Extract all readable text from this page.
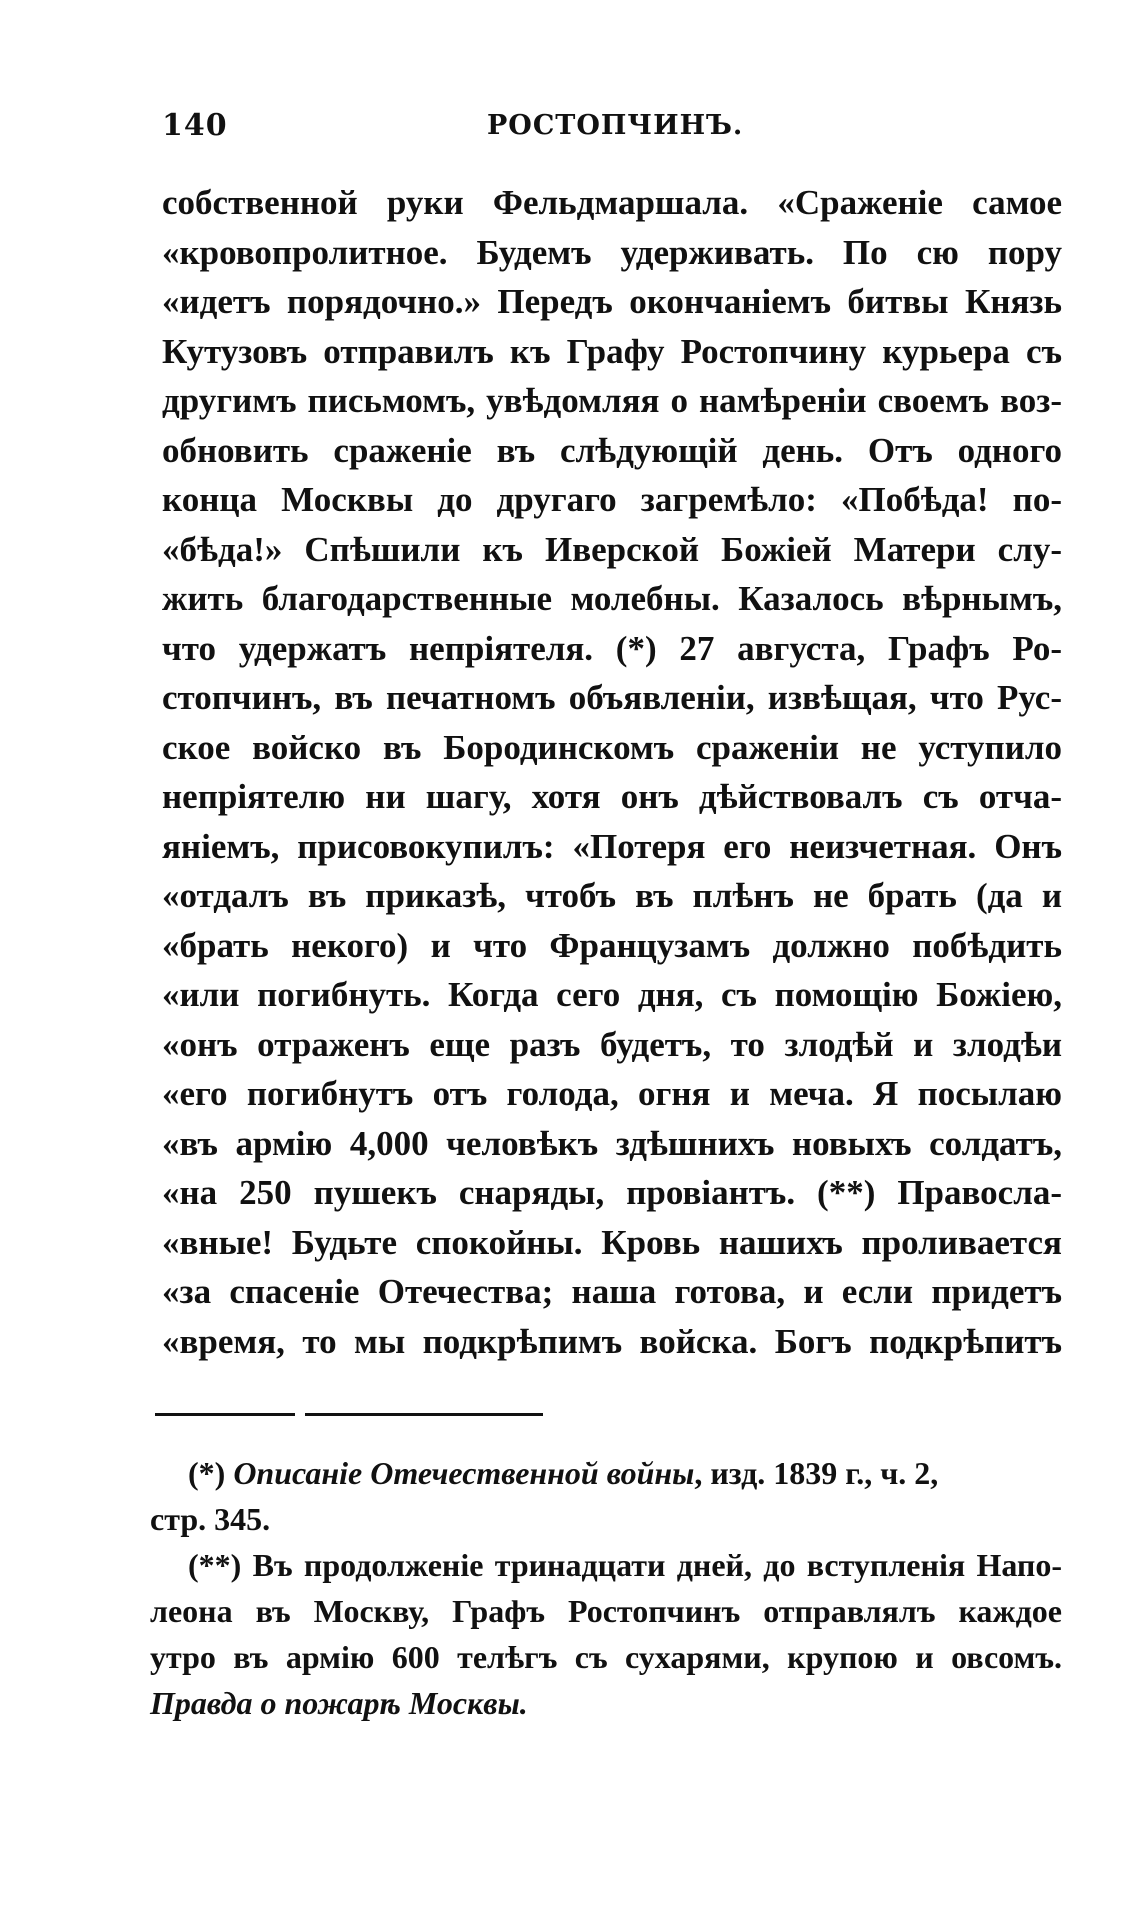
140	РОСТОПЧИНЪ.
собственной руки Фельдмаршала. «Сраженіе самое
«кровопролитное. Будемъ удерживать. По сю пору
«идетъ порядочно.» Передъ окончаніемъ битвы Князь
Кутузовъ отправилъ къ Графу Ростопчину курьера съ
другимъ письмомъ, увѣдомляя о намѣреніи своемъ воз-
обновить сраженіе въ слѣдующій день. Отъ одного
конца Москвы до другаго загремѣло: «Побѣда! по-
«бѣда!» Спѣшили къ Иверской Божіей Матери слу-
жить благодарственные молебны. Казалось вѣрнымъ,
что удержатъ непріятеля. (*) 27 августа, Графъ Ро-
стопчинъ, въ печатномъ объявленіи, извѣщая, что Рус-
ское войско въ Бородинскомъ сраженіи не уступило
непріятелю ни шагу, хотя онъ дѣйствовалъ съ отча-
яніемъ, присовокупилъ: «Потеря его неизчетная. Онъ
«отдалъ въ приказѣ, чтобъ въ плѣнъ не брать (да и
«брать некого) и что Французамъ должно побѣдить
«или погибнуть. Когда сего дня, съ помощію Божіею,
«онъ отраженъ еще разъ будетъ, то злодѣй и злодѣи
«его погибнутъ отъ голода, огня и меча. Я посылаю
«въ армію 4,000 человѣкъ здѣшнихъ новыхъ солдатъ,
«на 250 пушекъ снаряды, провіантъ. (**) Правосла-
«вные! Будьте спокойны. Кровь нашихъ проливается
«за спасеніе Отечества; наша готова, и если придетъ
«время, то мы подкрѣпимъ войска. Богъ подкрѣпитъ
(*) Описаніе Отечественной войны, изд. 1839 г., ч. 2,
стр. 345.
(**) Въ продолженіе тринадцати дней, до вступленія Напо-
леона въ Москву, Графъ Ростопчинъ отправлялъ каждое
утро въ армію 600 телѣгъ съ сухарями, крупою и овсомъ.
Правда о пожарѣ Москвы.
